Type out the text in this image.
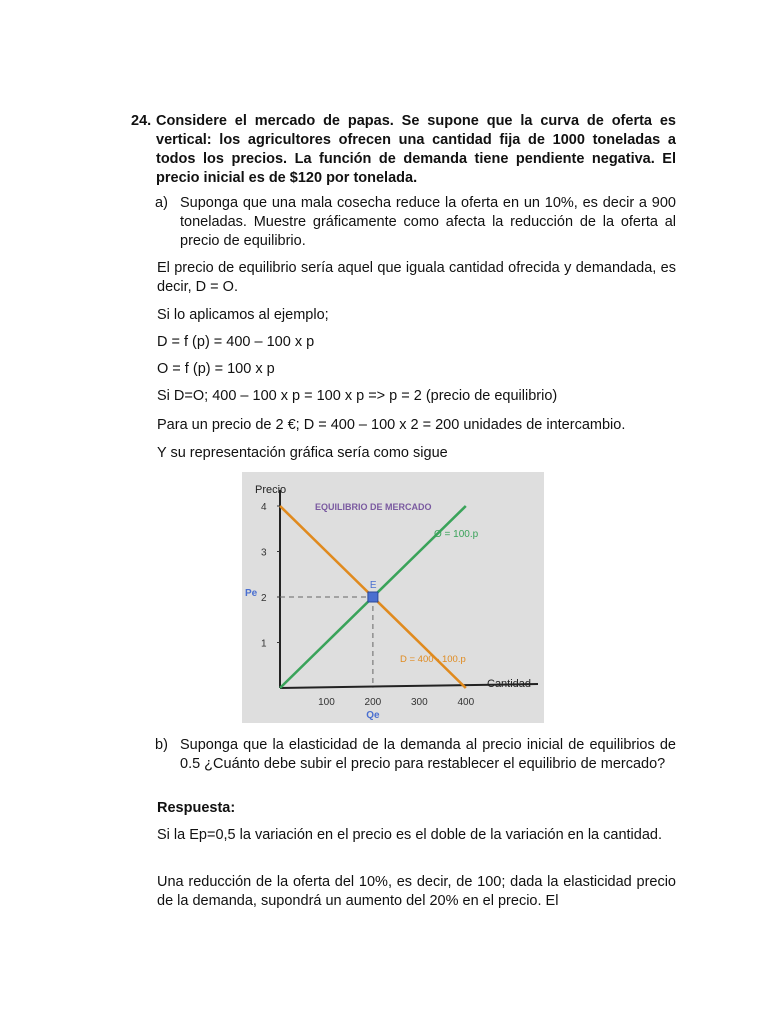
24. Considere el mercado de papas. Se supone que la curva de oferta es vertical: los agricultores ofrecen una cantidad fija de 1000 toneladas a todos los precios. La función de demanda tiene pendiente negativa. El precio inicial es de $120 por tonelada.
a) Suponga que una mala cosecha reduce la oferta en un 10%, es decir a 900 toneladas. Muestre gráficamente como afecta la reducción de la oferta al precio de equilibrio.
El precio de equilibrio sería aquel que iguala cantidad ofrecida y demandada, es decir, D = O.
Si lo aplicamos al ejemplo;
D = f (p) = 400 – 100 x p
O = f (p) = 100 x p
Si D=O; 400 – 100 x p = 100 x p => p = 2 (precio de equilibrio)
Para un precio de 2 €; D = 400 – 100 x 2 = 200 unidades de intercambio.
Y su representación gráfica sería como sigue
Precio
Cantidad
EQUILIBRIO DE MERCADO
1
2
3
4
100	200	300	400
O = 100.p
D = 400 - 100.p
E
Pe
Qe
b) Suponga que la elasticidad de la demanda al precio inicial de equilibrios de 0.5 ¿Cuánto debe subir el precio para restablecer el equilibrio de mercado?
Respuesta:
Si la Ep=0,5 la variación en el precio es el doble de la variación en la cantidad.
Una reducción de la oferta del 10%, es decir, de 100; dada la elasticidad precio de la demanda, supondrá un aumento del 20% en el precio. El
